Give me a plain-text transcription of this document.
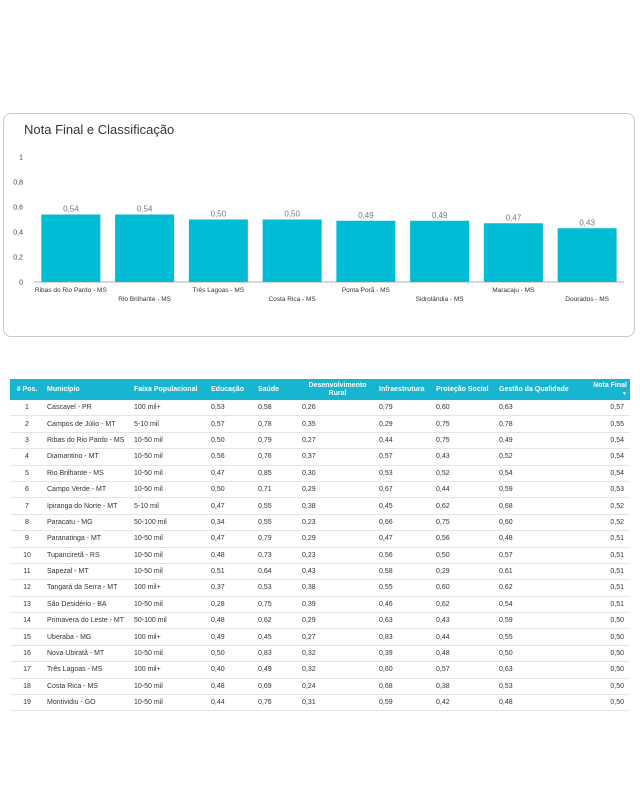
Nota Final e Classificação
0
0,2
0,4
0,6
0,8
1
0,54
Ribas do Rio Pardo - MS
0,54
Rio Brilhante - MS
0,50
Três Lagoas - MS
0,50
Costa Rica - MS
0,49
Ponta Porã - MS
0,49
Sidrolândia - MS
0,47
Maracaju - MS
0,43
Dourados - MS
# Pos.	Município	Faixa Populacional	Educação	Saúde	Desenvolvimento Rural	Infraestrutura	Proteção Social	Gestão da Qualidade	Nota Final
▼

1	Cascavel - PR	100 mil+	0,53	0,58	0,26	0,79	0,60	0,63	0,57
2	Campos de Júlio - MT	5-10 mil	0,57	0,78	0,35	0,29	0,75	0,78	0,55
3	Ribas do Rio Pardo - MS	10-50 mil	0,50	0,79	0,27	0,44	0,75	0,49	0,54
4	Diamantino - MT	10-50 mil	0,56	0,76	0,37	0,57	0,43	0,52	0,54
5	Rio Brilhante - MS	10-50 mil	0,47	0,85	0,30	0,53	0,52	0,54	0,54
6	Campo Verde - MT	10-50 mil	0,50	0,71	0,29	0,67	0,44	0,59	0,53
7	Ipiranga do Norte - MT	5-10 mil	0,47	0,55	0,38	0,45	0,62	0,68	0,52
8	Paracatu - MG	50-100 mil	0,34	0,55	0,23	0,66	0,75	0,60	0,52
9	Paranatinga - MT	10-50 mil	0,47	0,79	0,29	0,47	0,56	0,48	0,51
10	Tupanciretã - RS	10-50 mil	0,48	0,73	0,23	0,56	0,50	0,57	0,51
11	Sapezal - MT	10-50 mil	0,51	0,64	0,43	0,58	0,29	0,61	0,51
12	Tangará da Serra - MT	100 mil+	0,37	0,53	0,38	0,55	0,60	0,62	0,51
13	São Desidério - BA	10-50 mil	0,28	0,75	0,39	0,46	0,62	0,54	0,51
14	Primavera do Leste - MT	50-100 mil	0,48	0,62	0,29	0,63	0,43	0,59	0,50
15	Uberaba - MG	100 mil+	0,49	0,45	0,27	0,83	0,44	0,55	0,50
16	Nova Ubiratã - MT	10-50 mil	0,50	0,83	0,32	0,39	0,48	0,50	0,50
17	Três Lagoas - MS	100 mil+	0,40	0,49	0,32	0,60	0,57	0,63	0,50
18	Costa Rica - MS	10-50 mil	0,48	0,69	0,24	0,68	0,38	0,53	0,50
19	Montividiu - GO	10-50 mil	0,44	0,76	0,31	0,59	0,42	0,48	0,50
